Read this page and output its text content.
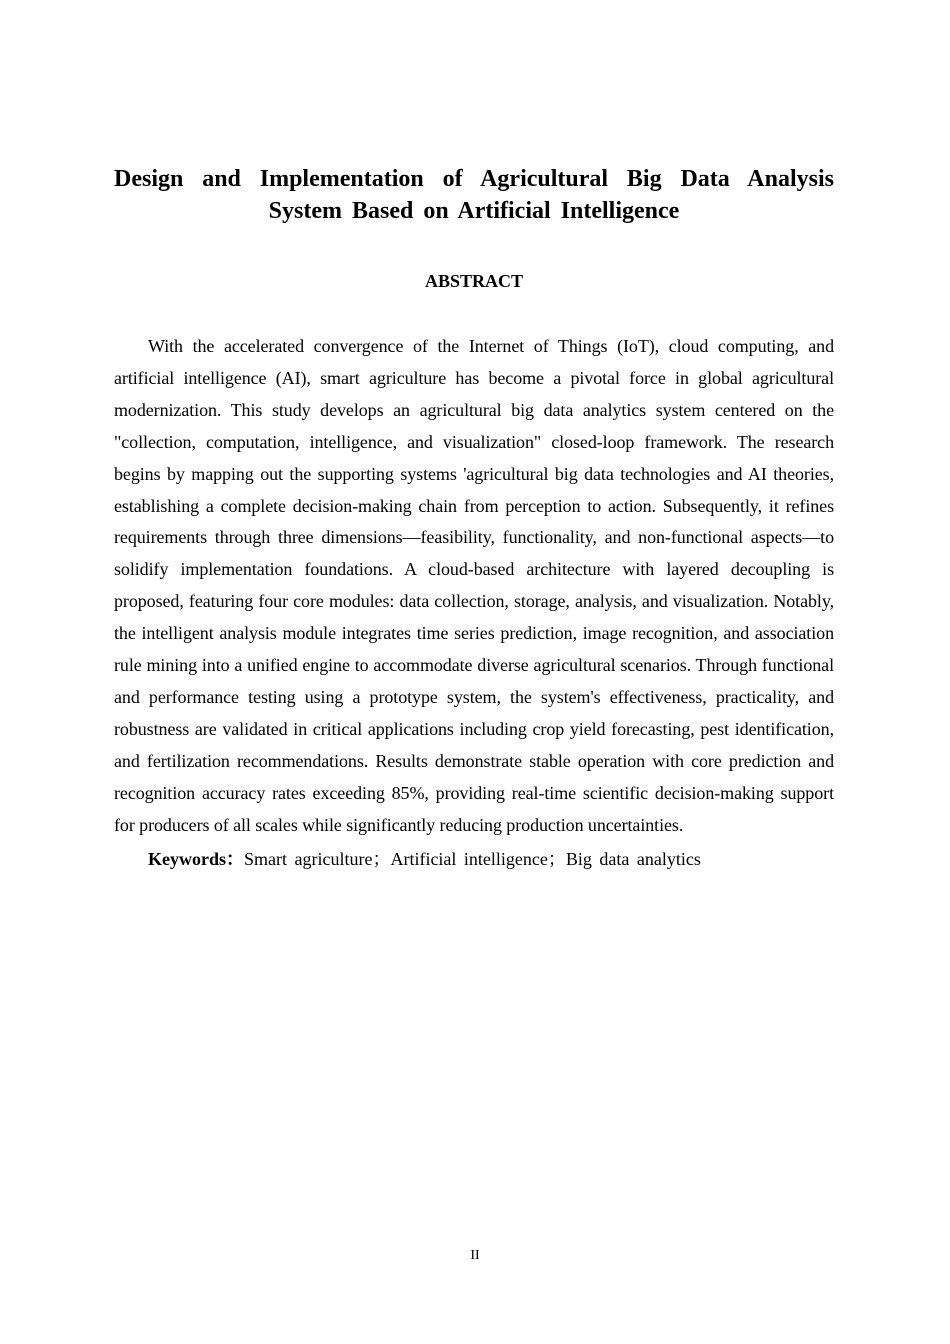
Design and Implementation of Agricultural Big Data Analysis
System Based on Artificial Intelligence
ABSTRACT

With the accelerated convergence of the Internet of Things (IoT), cloud computing, and artificial intelligence (AI), smart agriculture has become a pivotal force in global agricultural modernization. This study develops an agricultural big data analytics system centered on the "collection, computation, intelligence, and visualization" closed-loop framework. The research begins by mapping out the supporting systems 'agricultural big data technologies and AI theories, establishing a complete decision-making chain from perception to action. Subsequently, it refines requirements through three dimensions—feasibility, functionality, and non-functional aspects—to solidify implementation foundations. A cloud-based architecture with layered decoupling is proposed, featuring four core modules: data collection, storage, analysis, and visualization. Notably, the intelligent analysis module integrates time series prediction, image recognition, and association rule mining into a unified engine to accommodate diverse agricultural scenarios. Through functional and performance testing using a prototype system, the system's effectiveness, practicality, and robustness are validated in critical applications including crop yield forecasting, pest identification, and fertilization recommendations. Results demonstrate stable operation with core prediction and recognition accuracy rates exceeding 85%, providing real-time scientific decision-making support for producers of all scales while significantly reducing production uncertainties.

Keywords：Smart agriculture；Artificial intelligence；Big data analytics

II
